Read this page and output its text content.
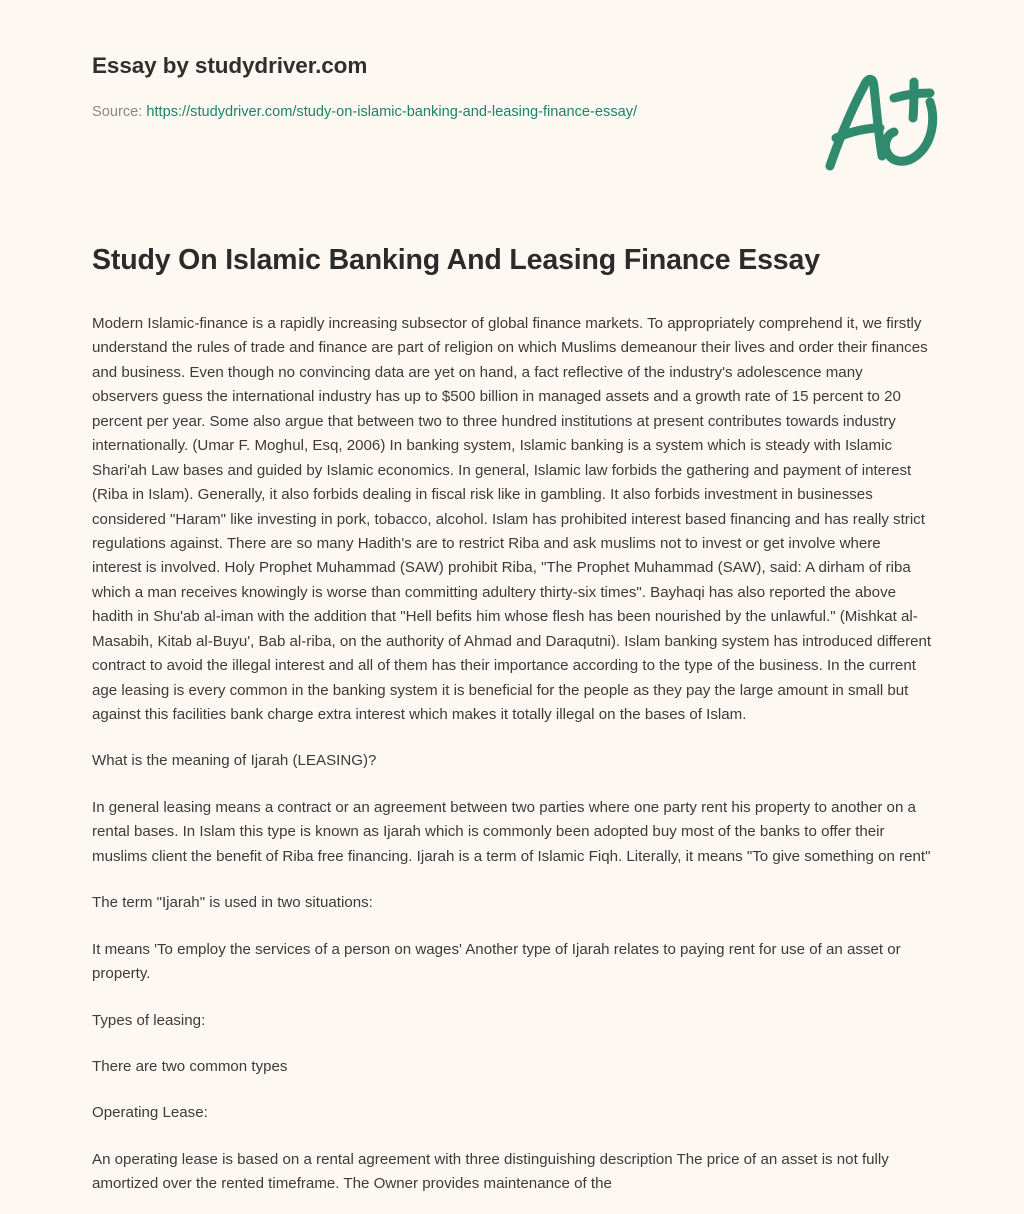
Essay by studydriver.com

Source: https://studydriver.com/study-on-islamic-banking-and-leasing-finance-essay/

Study On Islamic Banking And Leasing Finance Essay

Modern Islamic-finance is a rapidly increasing subsector of global finance markets. To appropriately comprehend it, we firstly understand the rules of trade and finance are part of religion on which Muslims demeanour their lives and order their finances and business. Even though no convincing data are yet on hand, a fact reflective of the industry's adolescence many observers guess the international industry has up to $500 billion in managed assets and a growth rate of 15 percent to 20 percent per year. Some also argue that between two to three hundred institutions at present contributes towards industry internationally. (Umar F. Moghul, Esq, 2006) In banking system, Islamic banking is a system which is steady with Islamic Shari'ah Law bases and guided by Islamic economics. In general, Islamic law forbids the gathering and payment of interest (Riba in Islam). Generally, it also forbids dealing in fiscal risk like in gambling. It also forbids investment in businesses considered "Haram" like investing in pork, tobacco, alcohol. Islam has prohibited interest based financing and has really strict regulations against. There are so many Hadith's are to restrict Riba and ask muslims not to invest or get involve where interest is involved. Holy Prophet Muhammad (SAW) prohibit Riba, "The Prophet Muhammad (SAW), said: A dirham of riba which a man receives knowingly is worse than committing adultery thirty-six times". Bayhaqi has also reported the above hadith in Shu'ab al-iman with the addition that "Hell befits him whose flesh has been nourished by the unlawful." (Mishkat al-Masabih, Kitab al-Buyu', Bab al-riba, on the authority of Ahmad and Daraqutni). Islam banking system has introduced different contract to avoid the illegal interest and all of them has their importance according to the type of the business. In the current age leasing is every common in the banking system it is beneficial for the people as they pay the large amount in small but against this facilities bank charge extra interest which makes it totally illegal on the bases of Islam.

What is the meaning of Ijarah (LEASING)?

In general leasing means a contract or an agreement between two parties where one party rent his property to another on a rental bases. In Islam this type is known as Ijarah which is commonly been adopted buy most of the banks to offer their muslims client the benefit of Riba free financing. Ijarah is a term of Islamic Fiqh. Literally, it means "To give something on rent"

The term "Ijarah" is used in two situations:

It means 'To employ the services of a person on wages' Another type of Ijarah relates to paying rent for use of an asset or property.

Types of leasing:

There are two common types

Operating Lease:

An operating lease is based on a rental agreement with three distinguishing description The price of an asset is not fully amortized over the rented timeframe. The Owner provides maintenance of the
